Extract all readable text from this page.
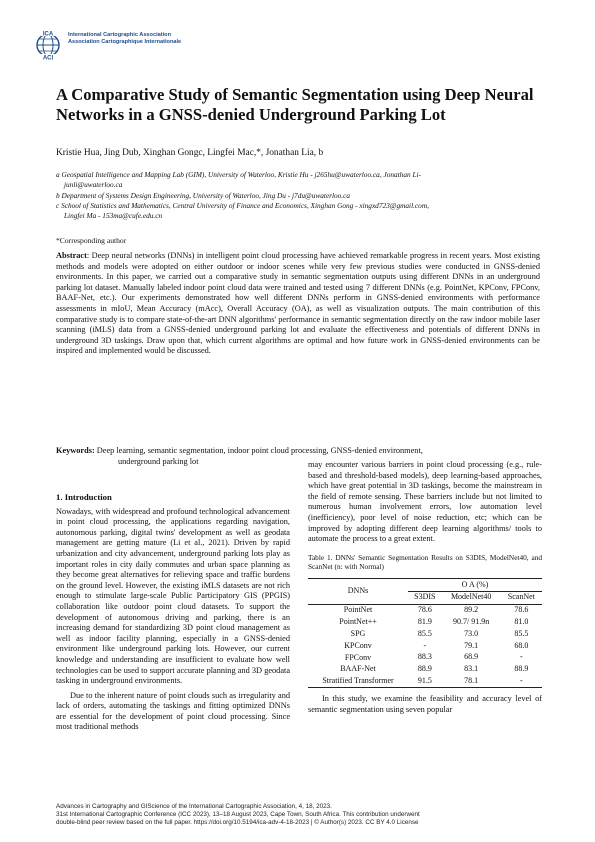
ICA
ACI
International Cartographic Association
Association Cartographique Internationale
A Comparative Study of Semantic Segmentation using Deep Neural Networks in a GNSS-denied Underground Parking Lot
Kristie Hua, Jing Dub, Xinghan Gongc, Lingfei Mac,*, Jonathan Lia, b
a Geospatial Intelligence and Mapping Lab (GIM), University of Waterloo, Kristie Hu - j265hu@uwaterloo.ca, Jonathan Li-
junli@uwaterloo.ca
b Department of Systems Design Engineering, University of Waterloo, Jing Du - j7du@uwaterloo.ca
c School of Statistics and Mathematics, Central University of Finance and Economics, Xinghan Gong - xingxd723@gmail.com,
Lingfei Ma - 153ma@cufe.edu.cn
*Corresponding author
Abstract: Deep neural networks (DNNs) in intelligent point cloud processing have achieved remarkable progress in recent years. Most existing methods and models were adopted on either outdoor or indoor scenes while very few previous studies were conducted in GNSS-denied environments. In this paper, we carried out a comparative study in semantic segmentation outputs using different DNNs in an underground parking lot dataset. Manually labeled indoor point cloud data were trained and tested using 7 different DNNs (e.g. PointNet, KPConv, FPConv, BAAF-Net, etc.). Our experiments demonstrated how well different DNNs perform in GNSS-denied environments with performance assessments in mIoU, Mean Accuracy (mAcc), Overall Accuracy (OA), as well as visualization outputs. The main contribution of this comparative study is to compare state-of-the-art DNN algorithms' performance in semantic segmentation directly on the raw indoor mobile laser scanning (iMLS) data from a GNSS-denied underground parking lot and evaluate the effectiveness and potentials of different DNNs in underground 3D taskings. Draw upon that, which current algorithms are optimal and how future work in GNSS-denied environments can be inspired and implemented would be discussed.
Keywords: Deep learning, semantic segmentation, indoor point cloud processing, GNSS-denied environment,
underground parking lot
1. Introduction

Nowadays, with widespread and profound technological advancement in point cloud processing, the applications regarding navigation, autonomous parking, digital twins' development as well as geodata management are getting mature (Li et al., 2021). Driven by rapid urbanization and city advancement, underground parking lots play as important roles in city daily commutes and urban space planning as they become great alternatives for relieving space and traffic burdens on the ground level. However, the existing iMLS datasets are not rich enough to stimulate large-scale Public Participatory GIS (PPGIS) collaboration like outdoor point cloud datasets. To support the development of autonomous driving and parking, there is an increasing demand for standardizing 3D point cloud management as well as indoor facility planning, especially in a GNSS-denied environment like underground parking lots. However, our current knowledge and understanding are insufficient to evaluate how well technologies can be used to support accurate planning and 3D geodata tasking in underground environments.

Due to the inherent nature of point clouds such as irregularity and lack of orders, automating the taskings and fitting optimized DNNs are essential for the development of point cloud processing. Since most traditional methods

may encounter various barriers in point cloud processing (e.g., rule-based and threshold-based models), deep learning-based approaches, which have great potential in 3D taskings, become the mainstream in the field of remote sensing. These barriers include but not limited to numerous human involvement errors, low automation level (inefficiency), poor level of noise reduction, etc; which can be improved by adopting different deep learning algorithms/ tools to automate the process to a great extent.

Table 1. DNNs' Semantic Segmentation Results on S3DIS, ModelNet40, and ScanNet (n: with Normal)
DNNs	O A (%)		
	S3DIS	ModelNet40	ScanNet
PointNet	78.6	89.2	78.6
PointNet++	81.9	90.7/ 91.9n	81.0
SPG	85.5	73.0	85.5
KPConv	-	79.1	68.0
FPConv	88.3	68.9	-
BAAF-Net	88.9	83.1	88.9
Stratified Transformer	91.5	78.1	-

In this study, we examine the feasibility and accuracy level of semantic segmentation using seven popular

Advances in Cartography and GIScience of the International Cartographic Association, 4, 18, 2023.
31st International Cartographic Conference (ICC 2023), 13–18 August 2023, Cape Town, South Africa. This contribution underwent
double-blind peer review based on the full paper. https://doi.org/10.5194/ica-adv-4-18-2023 | © Author(s) 2023. CC BY 4.0 License
